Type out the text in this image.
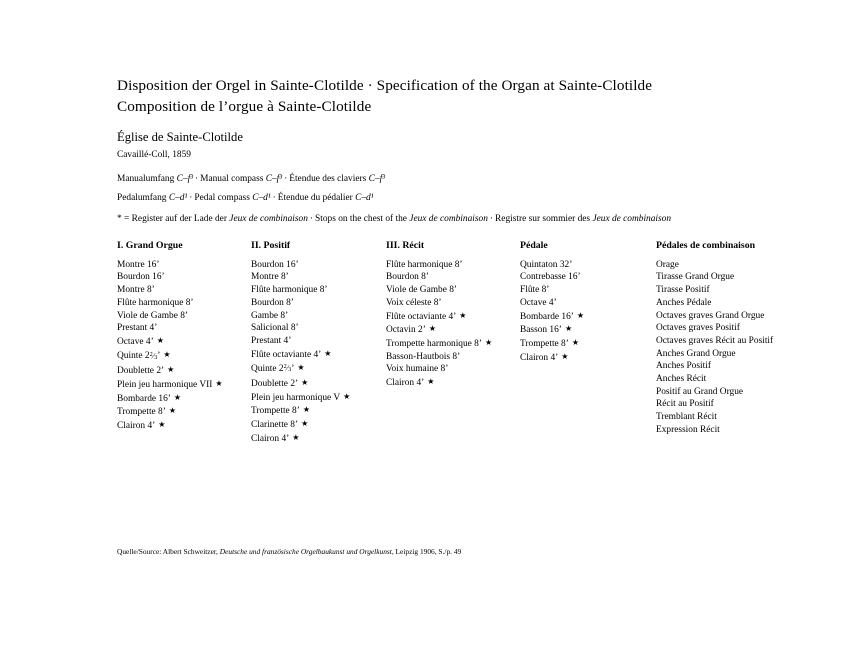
Disposition der Orgel in Sainte-Clotilde · Specification of the Organ at Sainte-Clotilde
Composition de l’orgue à Sainte-Clotilde
Église de Sainte-Clotilde
Cavaillé-Coll, 1859
Manualumfang C–f³ · Manual compass C–f³ · Étendue des claviers C–f³
Pedalumfang C–d¹ · Pedal compass C–d¹ · Étendue du pédalier C–d¹
* = Register auf der Lade der Jeux de combinaison · Stops on the chest of the Jeux de combinaison · Registre sur sommier des Jeux de combinaison
I. Grand Orgue
Montre 16’
Bourdon 16’
Montre 8’
Flûte harmonique 8’
Viole de Gambe 8’
Prestant 4’
Octave 4’ ★
Quinte $2^2⁄3$’ ★
Doublette 2’ ★
Plein jeu harmonique VII ★
Bombarde 16’ ★
Trompette 8’ ★
Clairon 4’ ★
II. Positif
Bourdon 16’
Montre 8’
Flûte harmonique 8’
Bourdon 8’
Gambe 8’
Salicional 8’
Prestant 4’
Flûte octaviante 4’ ★
Quinte $2^2⁄3$’ ★
Doublette 2’ ★
Plein jeu harmonique V ★
Trompette 8’ ★
Clarinette 8’ ★
Clairon 4’ ★
III. Récit
Flûte harmonique 8’
Bourdon 8’
Viole de Gambe 8’
Voix céleste 8’
Flûte octaviante 4’ ★
Octavin 2’ ★
Trompette harmonique 8’ ★
Basson-Hautbois 8’
Voix humaine 8’
Clairon 4’ ★
Pédale
Quintaton 32’
Contrebasse 16’
Flûte 8’
Octave 4’
Bombarde 16’ ★
Basson 16’ ★
Trompette 8’ ★
Clairon 4’ ★
Pédales de combinaison
Orage
Tirasse Grand Orgue
Tirasse Positif
Anches Pédale
Octaves graves Grand Orgue
Octaves graves Positif
Octaves graves Récit au Positif
Anches Grand Orgue
Anches Positif
Anches Récit
Positif au Grand Orgue
Récit au Positif
Tremblant Récit
Expression Récit
Quelle/Source: Albert Schweitzer, Deutsche und französische Orgelbaukunst und Orgelkunst, Leipzig 1906, S./p. 49
